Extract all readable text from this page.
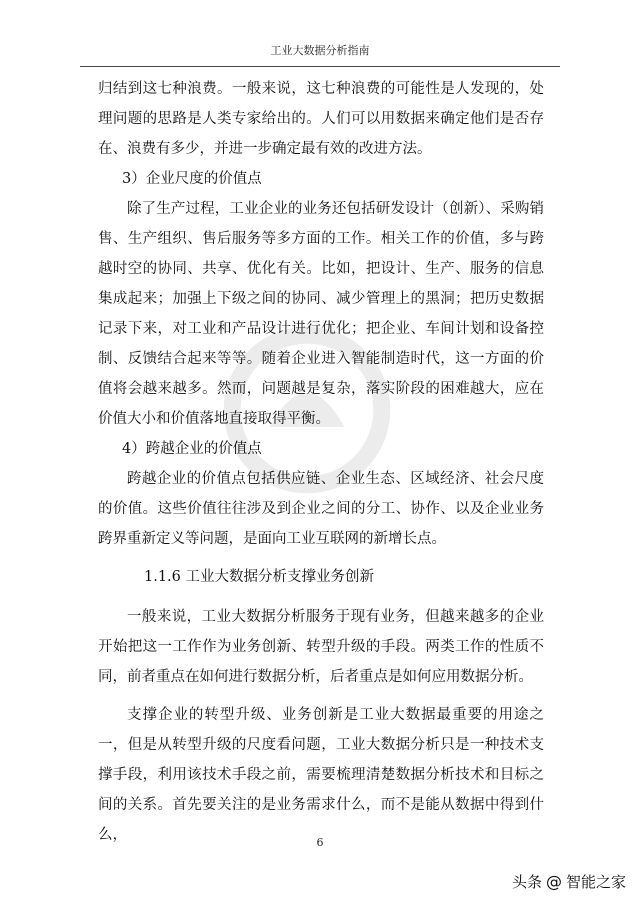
工业大数据分析指南

归结到这七种浪费。一般来说，这七种浪费的可能性是人发现的，处理问题的思路是人类专家给出的。人们可以用数据来确定他们是否存在、浪费有多少，并进一步确定最有效的改进方法。

3）企业尺度的价值点

除了生产过程，工业企业的业务还包括研发设计（创新）、采购销售、生产组织、售后服务等多方面的工作。相关工作的价值，多与跨越时空的协同、共享、优化有关。比如，把设计、生产、服务的信息集成起来；加强上下级之间的协同、减少管理上的黑洞；把历史数据记录下来，对工业和产品设计进行优化；把企业、车间计划和设备控制、反馈结合起来等等。随着企业进入智能制造时代，这一方面的价值将会越来越多。然而，问题越是复杂，落实阶段的困难越大，应在价值大小和价值落地直接取得平衡。

4）跨越企业的价值点

跨越企业的价值点包括供应链、企业生态、区域经济、社会尺度的价值。这些价值往往涉及到企业之间的分工、协作、以及企业业务跨界重新定义等问题，是面向工业互联网的新增长点。

1.1.6 工业大数据分析支撑业务创新

一般来说，工业大数据分析服务于现有业务，但越来越多的企业开始把这一工作作为业务创新、转型升级的手段。两类工作的性质不同，前者重点在如何进行数据分析，后者重点是如何应用数据分析。

支撑企业的转型升级、业务创新是工业大数据最重要的用途之一，但是从转型升级的尺度看问题，工业大数据分析只是一种技术支撑手段，利用该技术手段之前，需要梳理清楚数据分析技术和目标之间的关系。首先要关注的是业务需求什么，而不是能从数据中得到什么，	6
头条 @ 智能之家
